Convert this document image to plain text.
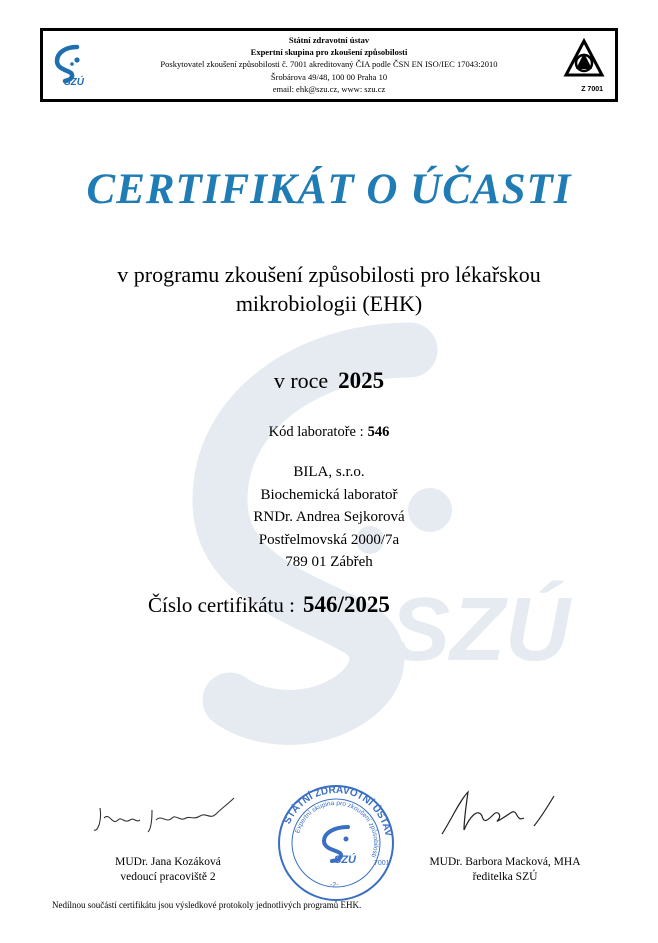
SZÚ
SZÚ
Státní zdravotní ústav
Expertní skupina pro zkoušení způsobilosti
Poskytovatel zkoušení způsobilosti č. 7001 akreditovaný ČIA podle ČSN EN ISO/IEC 17043:2010
Šrobárova 49/48, 100 00 Praha 10
email: ehk@szu.cz, www: szu.cz	Z 7001
CERTIFIKÁT O ÚČASTI
v programu zkoušení způsobilosti pro lékařskou
mikrobiologii (EHK)
v roce 2025
Kód laboratoře : 546
BILA, s.r.o.
Biochemická laboratoř
RNDr. Andrea Sejkorová
Postřelmovská 2000/7a
789 01 Zábřeh
Číslo certifikátu : 546/2025
STÁTNÍ ZDRAVOTNÍ ÚSTAV
Expertní skupina pro zkoušení způsobilosti
SZÚ	7001
-2-
MUDr. Jana Kozáková
vedoucí pracoviště 2
MUDr. Barbora Macková, MHA
ředitelka SZÚ
Nedílnou součástí certifikátu jsou výsledkové protokoly jednotlivých programů EHK.
